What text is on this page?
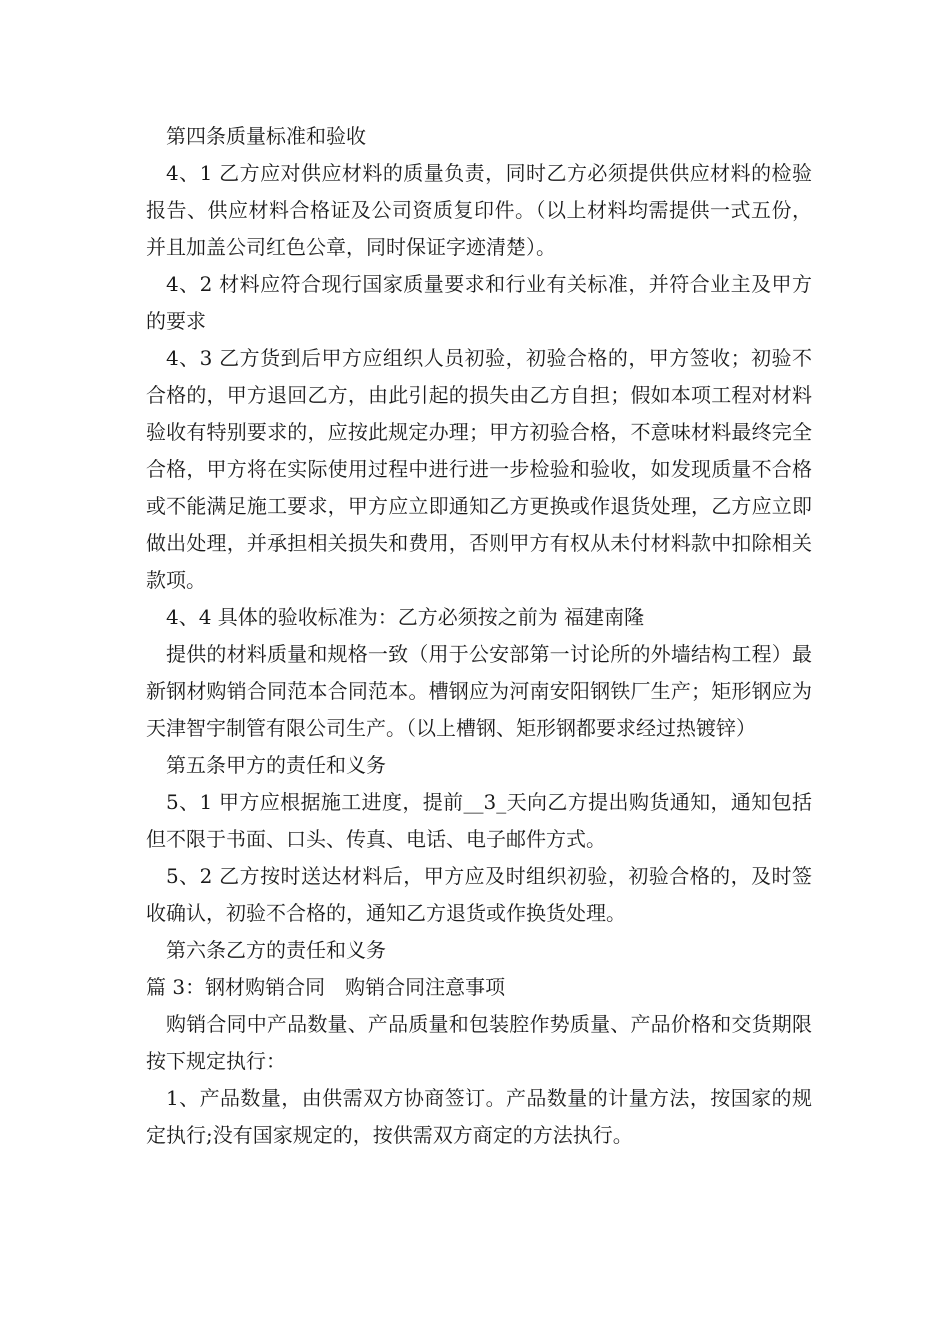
第四条质量标准和验收

4、1 乙方应对供应材料的质量负责，同时乙方必须提供供应材料的检验报告、供应材料合格证及公司资质复印件。（以上材料均需提供一式五份，并且加盖公司红色公章，同时保证字迹清楚）。

4、2 材料应符合现行国家质量要求和行业有关标准，并符合业主及甲方的要求

4、3 乙方货到后甲方应组织人员初验，初验合格的，甲方签收；初验不合格的，甲方退回乙方，由此引起的损失由乙方自担；假如本项工程对材料验收有特别要求的，应按此规定办理；甲方初验合格，不意味材料最终完全合格，甲方将在实际使用过程中进行进一步检验和验收，如发现质量不合格或不能满足施工要求，甲方应立即通知乙方更换或作退货处理，乙方应立即做出处理，并承担相关损失和费用，否则甲方有权从未付材料款中扣除相关款项。

4、4 具体的验收标准为：乙方必须按之前为 福建南隆

提供的材料质量和规格一致（用于公安部第一讨论所的外墙结构工程）最新钢材购销合同范本合同范本。槽钢应为河南安阳钢铁厂生产；矩形钢应为天津智宇制管有限公司生产。（以上槽钢、矩形钢都要求经过热镀锌）

第五条甲方的责任和义务

5、1 甲方应根据施工进度，提前__3_天向乙方提出购货通知，通知包括但不限于书面、口头、传真、电话、电子邮件方式。

5、2 乙方按时送达材料后，甲方应及时组织初验，初验合格的，及时签收确认，初验不合格的，通知乙方退货或作换货处理。

第六条乙方的责任和义务

篇 3：钢材购销合同　购销合同注意事项

购销合同中产品数量、产品质量和包装腔作势质量、产品价格和交货期限按下规定执行：

1、产品数量，由供需双方协商签订。产品数量的计量方法，按国家的规定执行;没有国家规定的，按供需双方商定的方法执行。
